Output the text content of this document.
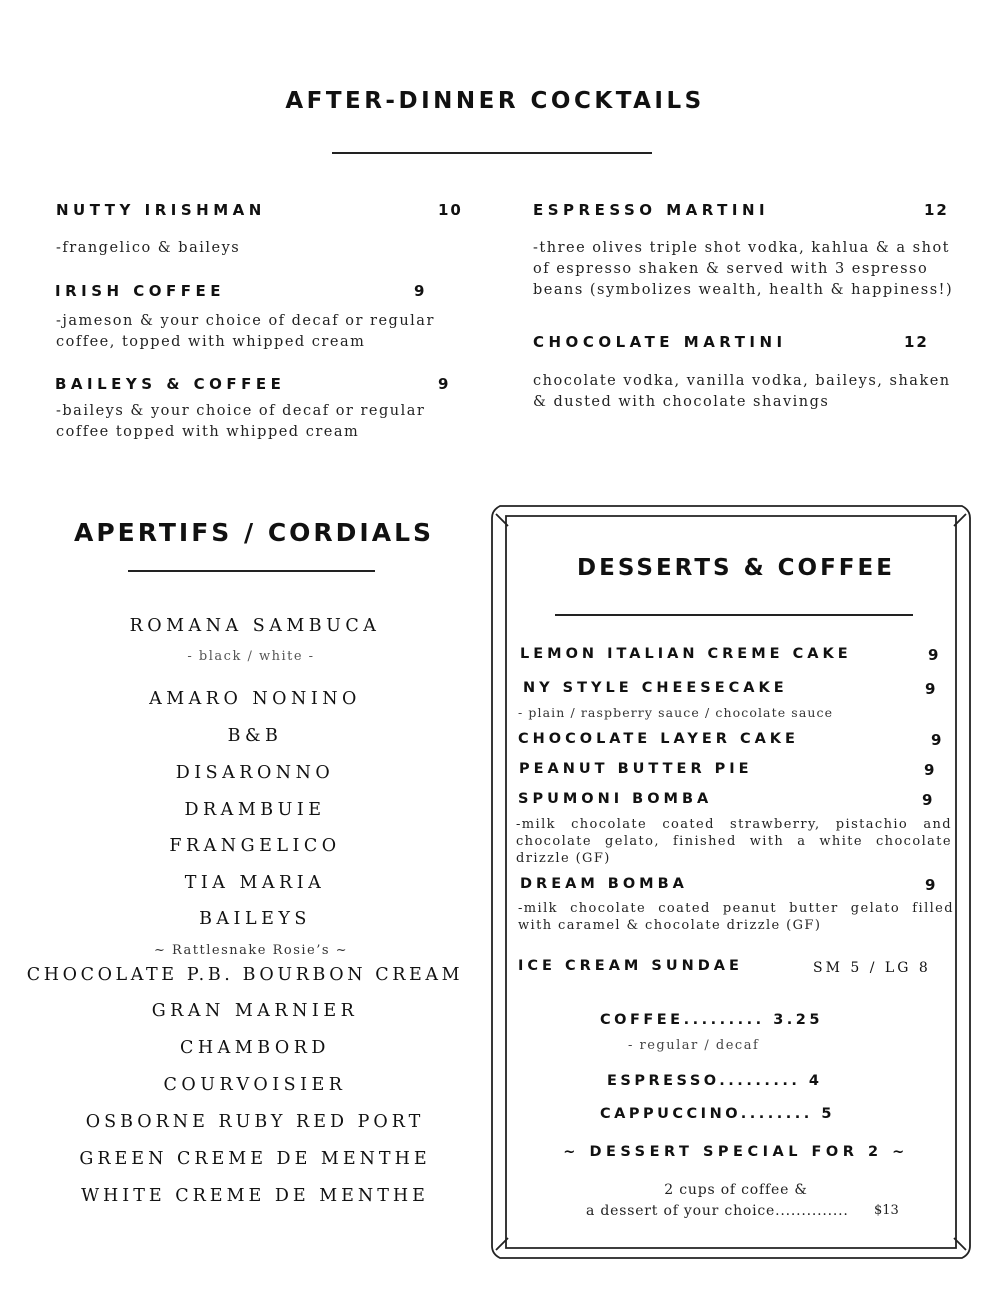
AFTER-DINNER COCKTAILS
NUTTY IRISHMAN	10
-frangelico & baileys
IRISH COFFEE	9
-jameson & your choice of decaf or regular coffee, topped with whipped cream
BAILEYS & COFFEE	9
-baileys & your choice of decaf or regular coffee topped with whipped cream
ESPRESSO MARTINI	12
-three olives triple shot vodka, kahlua & a shot of espresso shaken & served with 3 espresso beans (symbolizes wealth, health & happiness!)
CHOCOLATE MARTINI	12
chocolate vodka, vanilla vodka, baileys, shaken & dusted with chocolate shavings
APERTIFS / CORDIALS
ROMANA SAMBUCA
- black / white -
AMARO NONINO
B&B
DISARONNO
DRAMBUIE
FRANGELICO
TIA MARIA
BAILEYS
~ Rattlesnake Rosie’s ~
CHOCOLATE P.B. BOURBON CREAM
GRAN MARNIER
CHAMBORD
COURVOISIER
OSBORNE RUBY RED PORT
GREEN CREME DE MENTHE
WHITE CREME DE MENTHE
DESSERTS & COFFEE
LEMON ITALIAN CREME CAKE	9
NY STYLE CHEESECAKE	9
- plain / raspberry sauce / chocolate sauce
CHOCOLATE LAYER CAKE	9
PEANUT BUTTER PIE	9
SPUMONI BOMBA	9
-milk chocolate coated strawberry, pistachio and chocolate gelato, finished with a white chocolate drizzle (GF)
DREAM BOMBA	9
-milk chocolate coated peanut butter gelato filled with caramel & chocolate drizzle (GF)
ICE CREAM SUNDAE	SM 5 / LG 8
COFFEE......... 3.25
- regular / decaf
ESPRESSO......... 4
CAPPUCCINO........ 5
~ DESSERT SPECIAL FOR 2 ~
2 cups of coffee &
a dessert of your choice.............. $13
